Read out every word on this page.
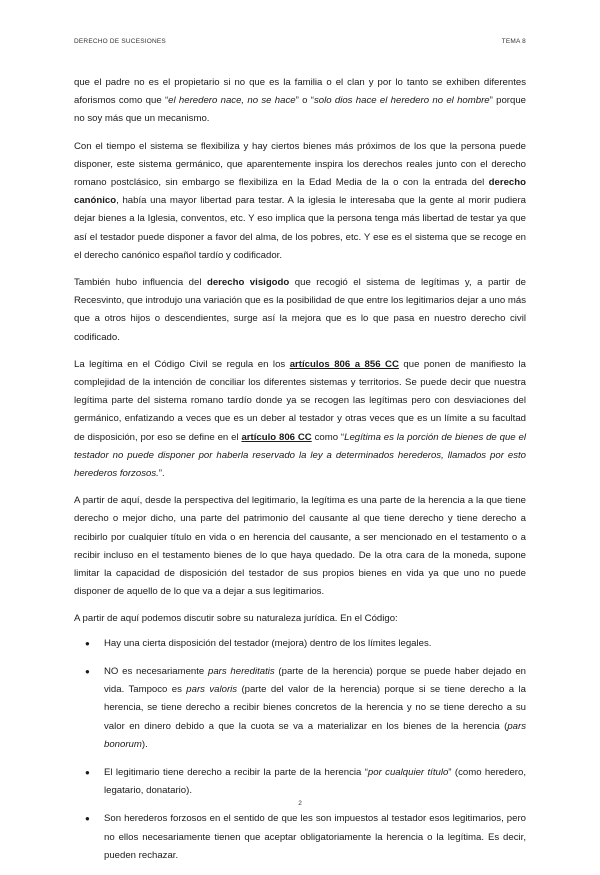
DERECHO DE SUCESIONES	TEMA 8

que el padre no es el propietario si no que es la familia o el clan y por lo tanto se exhiben diferentes aforismos como que “el heredero nace, no se hace” o “solo dios hace el heredero no el hombre” porque no soy más que un mecanismo.

Con el tiempo el sistema se flexibiliza y hay ciertos bienes más próximos de los que la persona puede disponer, este sistema germánico, que aparentemente inspira los derechos reales junto con el derecho romano postclásico, sin embargo se flexibiliza en la Edad Media de la o con la entrada del derecho canónico, había una mayor libertad para testar. A la iglesia le interesaba que la gente al morir pudiera dejar bienes a la Iglesia, conventos, etc. Y eso implica que la persona tenga más libertad de testar ya que así el testador puede disponer a favor del alma, de los pobres, etc. Y ese es el sistema que se recoge en el derecho canónico español tardío y codificador.

También hubo influencia del derecho visigodo que recogió el sistema de legítimas y, a partir de Recesvinto, que introdujo una variación que es la posibilidad de que entre los legitimarios dejar a uno más que a otros hijos o descendientes, surge así la mejora que es lo que pasa en nuestro derecho civil codificado.

La legítima en el Código Civil se regula en los artículos 806 a 856 CC que ponen de manifiesto la complejidad de la intención de conciliar los diferentes sistemas y territorios. Se puede decir que nuestra legítima parte del sistema romano tardío donde ya se recogen las legítimas pero con desviaciones del germánico, enfatizando a veces que es un deber al testador y otras veces que es un límite a su facultad de disposición, por eso se define en el artículo 806 CC como “Legítima es la porción de bienes de que el testador no puede disponer por haberla reservado la ley a determinados herederos, llamados por esto herederos forzosos.”.

A partir de aquí, desde la perspectiva del legitimario, la legítima es una parte de la herencia a la que tiene derecho o mejor dicho, una parte del patrimonio del causante al que tiene derecho y tiene derecho a recibirlo por cualquier título en vida o en herencia del causante, a ser mencionado en el testamento o a recibir incluso en el testamento bienes de lo que haya quedado. De la otra cara de la moneda, supone limitar la capacidad de disposición del testador de sus propios bienes en vida ya que uno no puede disponer de aquello de lo que va a dejar a sus legitimarios.

A partir de aquí podemos discutir sobre su naturaleza jurídica. En el Código:

● Hay una cierta disposición del testador (mejora) dentro de los límites legales.
● NO es necesariamente pars hereditatis (parte de la herencia) porque se puede haber dejado en vida. Tampoco es pars valoris (parte del valor de la herencia) porque si se tiene derecho a la herencia, se tiene derecho a recibir bienes concretos de la herencia y no se tiene derecho a su valor en dinero debido a que la cuota se va a materializar en los bienes de la herencia (pars bonorum).
● El legitimario tiene derecho a recibir la parte de la herencia “por cualquier título” (como heredero, legatario, donatario).
● Son herederos forzosos en el sentido de que les son impuestos al testador esos legitimarios, pero no ellos necesariamente tienen que aceptar obligatoriamente la herencia o la legítima. Es decir, pueden rechazar.
2
